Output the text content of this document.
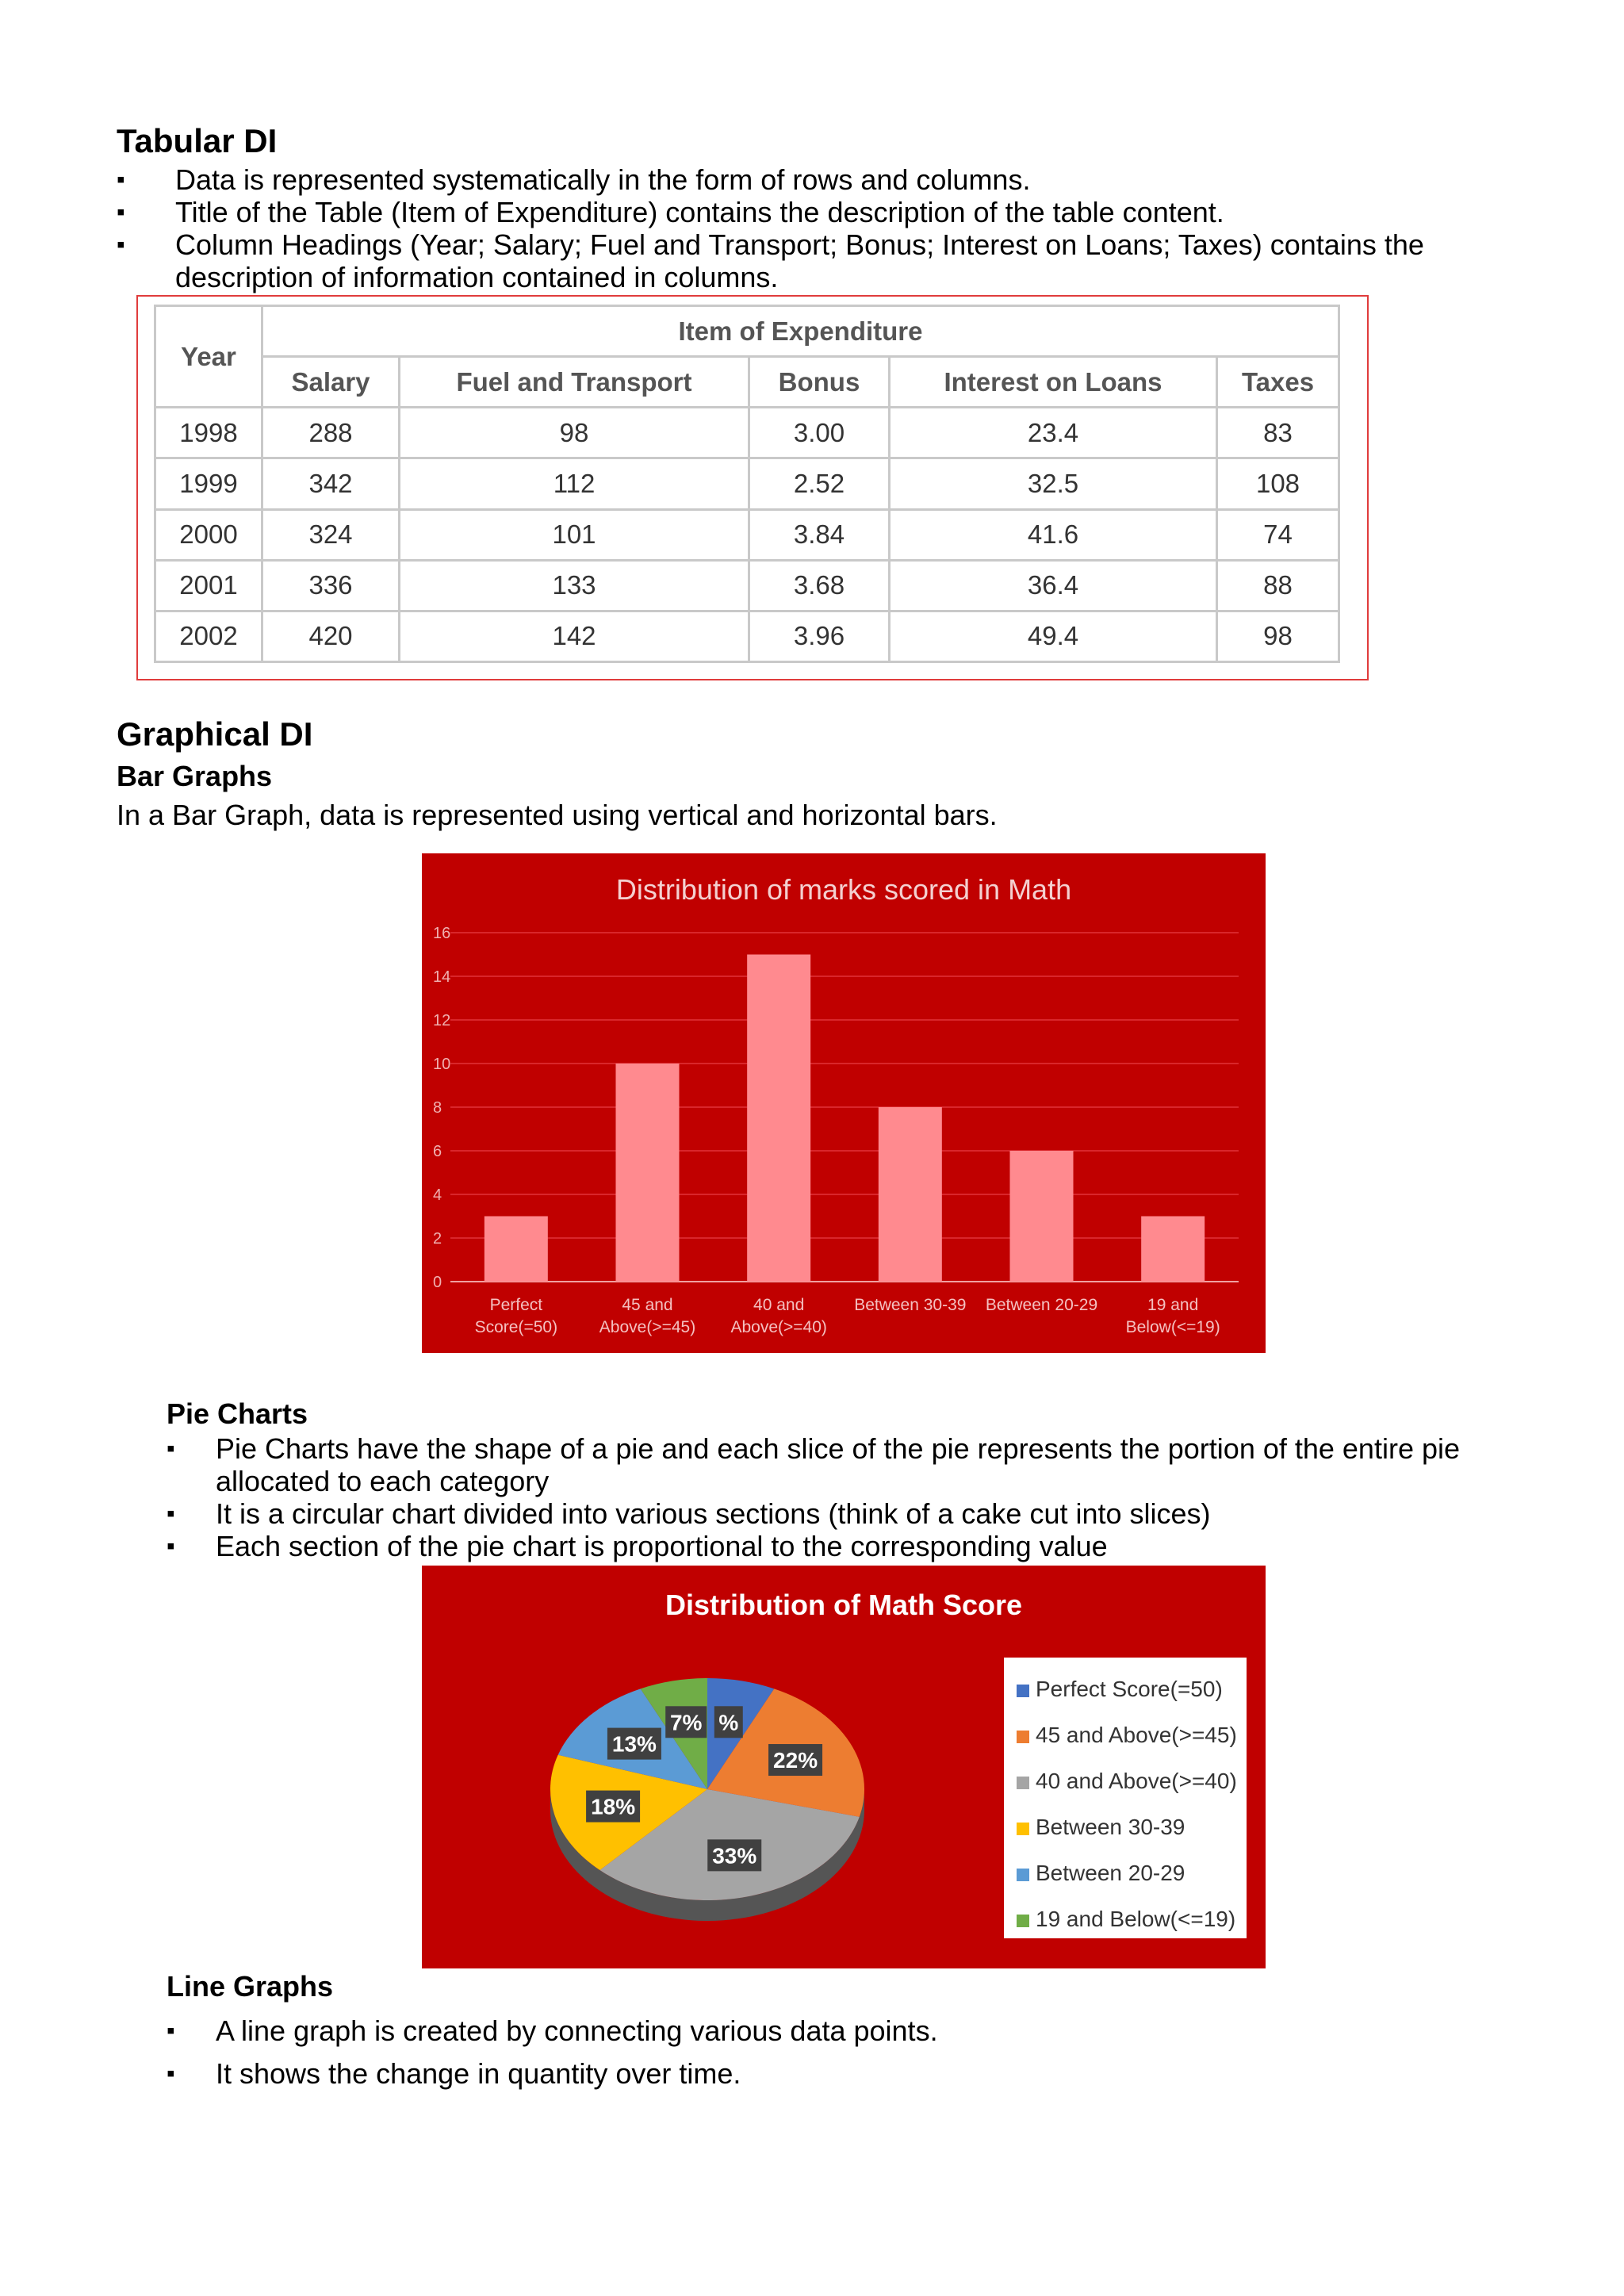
Tabular DI
▪ Data is represented systematically in the form of rows and columns.
▪ Title of the Table (Item of Expenditure) contains the description of the table content.
▪ Column Headings (Year; Salary; Fuel and Transport; Bonus; Interest on Loans; Taxes) contains the description of information contained in columns.
Year	Item of Expenditure				
	Salary	Fuel and Transport	Bonus	Interest on Loans	Taxes
1998	288	98	3.00	23.4	83
1999	342	112	2.52	32.5	108
2000	324	101	3.84	41.6	74
2001	336	133	3.68	36.4	88
2002	420	142	3.96	49.4	98
Graphical DI
Bar Graphs

In a Bar Graph, data is represented using vertical and horizontal bars.

Distribution of marks scored in Math
0
2
4
6
8
10
12
14
16
Perfect
Score(=50)
45 and
Above(>=45)
40 and
Above(>=40)
Between 30-39 Between 20-29	19 and
Below(<=19)
Pie Charts
▪ Pie Charts have the shape of a pie and each slice of the pie represents the portion of the entire pie allocated to each category
▪ It is a circular chart divided into various sections (think of a cake cut into slices)
▪ Each section of the pie chart is proportional to the corresponding value
Distribution of Math Score
%
22%
33%
18%
13%
7%
Perfect Score(=50)
45 and Above(>=45)
40 and Above(>=40)
Between 30-39
Between 20-29
19 and Below(<=19)
Line Graphs
▪ A line graph is created by connecting various data points.
▪ It shows the change in quantity over time.
